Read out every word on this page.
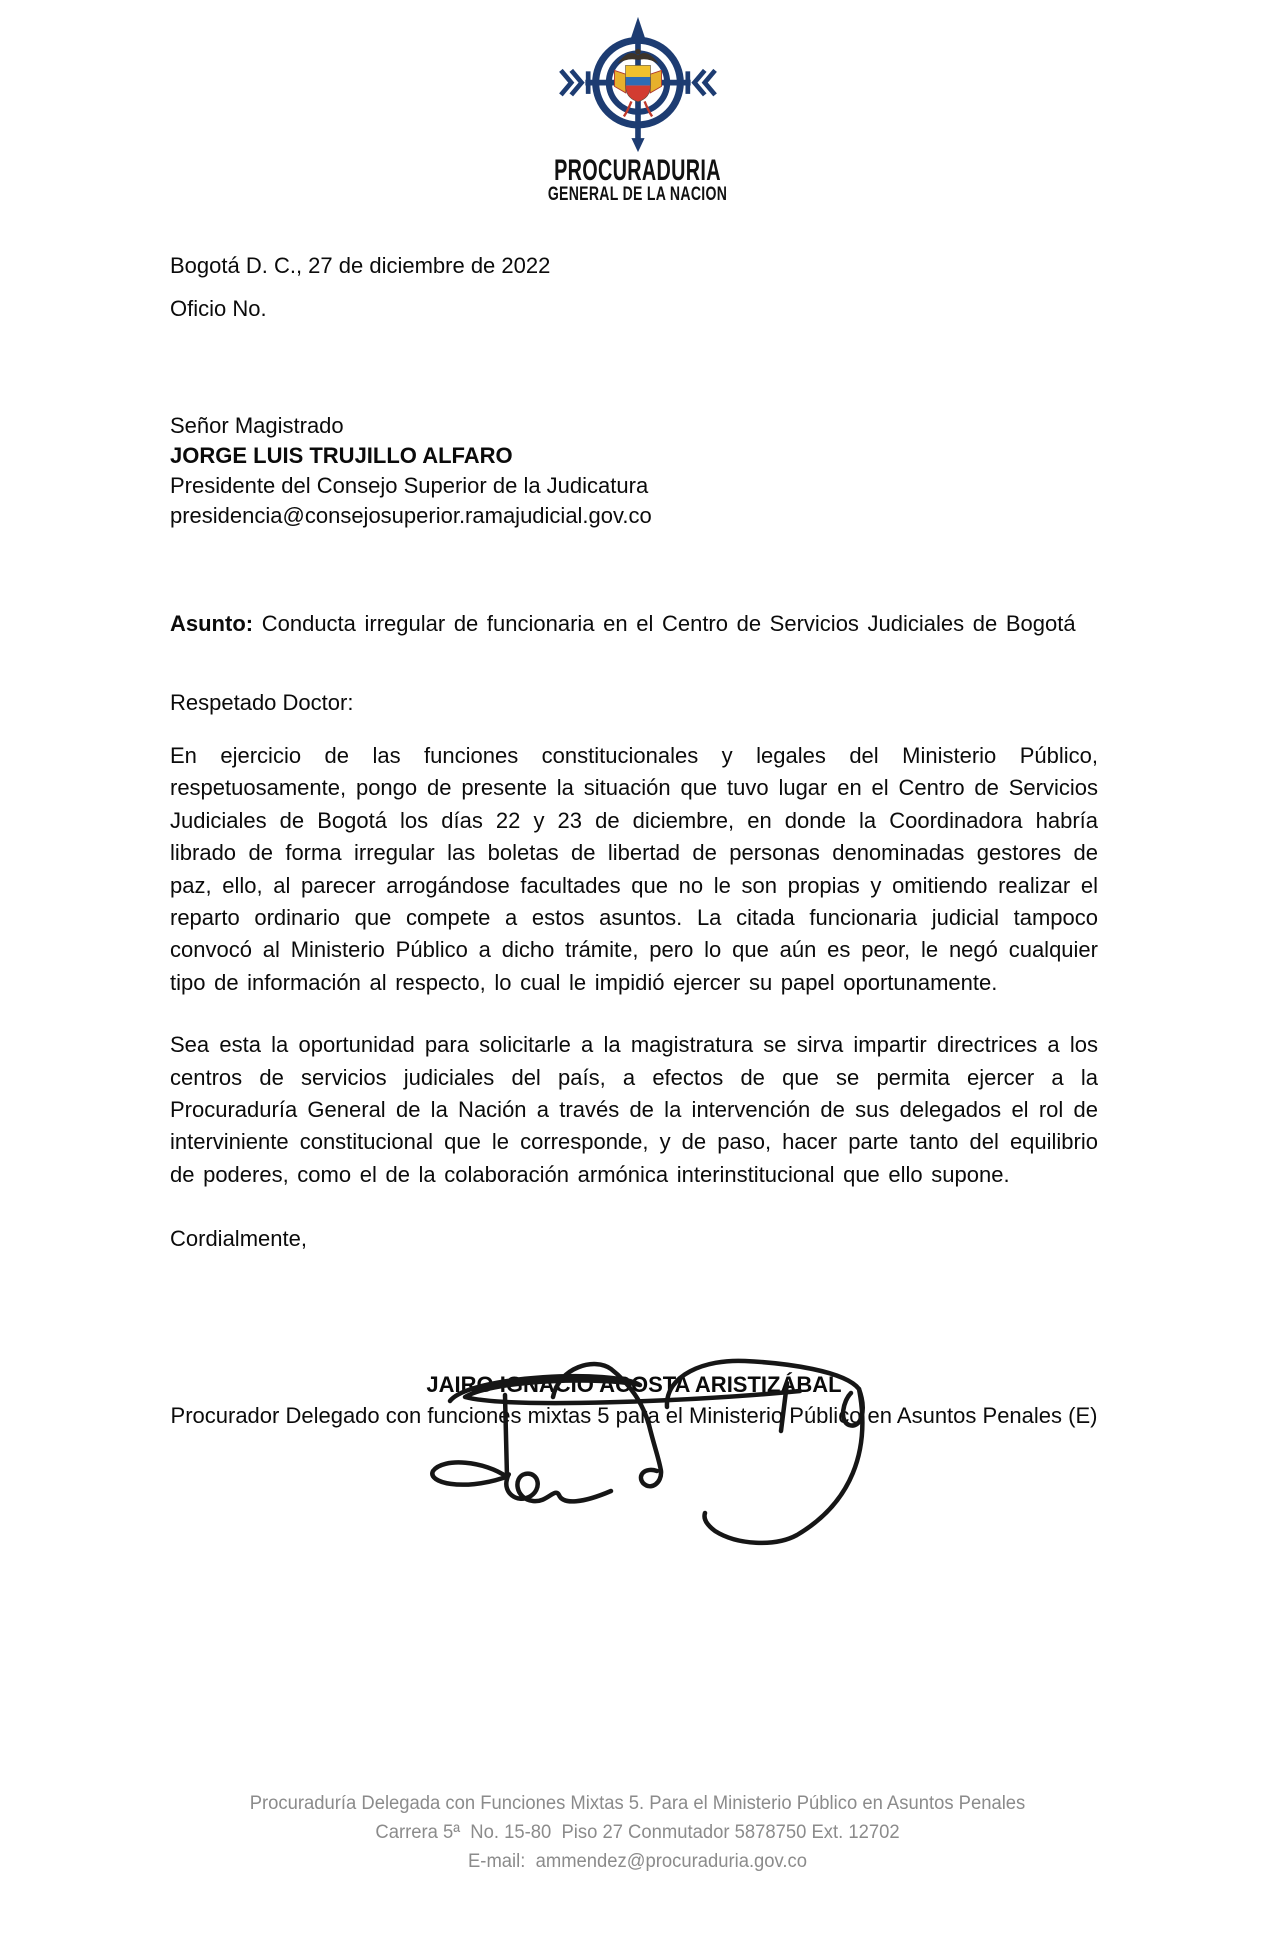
PROCURADURIA
GENERAL DE LA NACION

Bogotá D. C., 27 de diciembre de 2022

Oficio No.

Señor Magistrado

JORGE LUIS TRUJILLO ALFARO

Presidente del Consejo Superior de la Judicatura

presidencia@consejosuperior.ramajudicial.gov.co

Asunto: Conducta irregular de funcionaria en el Centro de Servicios Judiciales de Bogotá

Respetado Doctor:

En ejercicio de las funciones constitucionales y legales del Ministerio Público, respetuosamente, pongo de presente la situación que tuvo lugar en el Centro de Servicios Judiciales de Bogotá los días 22 y 23 de diciembre, en donde la Coordinadora habría librado de forma irregular las boletas de libertad de personas denominadas gestores de paz, ello, al parecer arrogándose facultades que no le son propias y omitiendo realizar el reparto ordinario que compete a estos asuntos. La citada funcionaria judicial tampoco convocó al Ministerio Público a dicho trámite, pero lo que aún es peor, le negó cualquier tipo de información al respecto, lo cual le impidió ejercer su papel oportunamente.

Sea esta la oportunidad para solicitarle a la magistratura se sirva impartir directrices a los centros de servicios judiciales del país, a efectos de que se permita ejercer a la Procuraduría General de la Nación a través de la intervención de sus delegados el rol de interviniente constitucional que le corresponde, y de paso, hacer parte tanto del equilibrio de poderes, como el de la colaboración armónica interinstitucional que ello supone.

Cordialmente,

JAIRO IGNACIO ACOSTA ARISTIZÁBAL

Procurador Delegado con funciones mixtas 5 para el Ministerio Público en Asuntos Penales (E)

Procuraduría Delegada con Funciones Mixtas 5. Para el Ministerio Público en Asuntos Penales

Carrera 5ª  No. 15-80  Piso 27 Conmutador 5878750 Ext. 12702

E-mail:  ammendez@procuraduria.gov.co
